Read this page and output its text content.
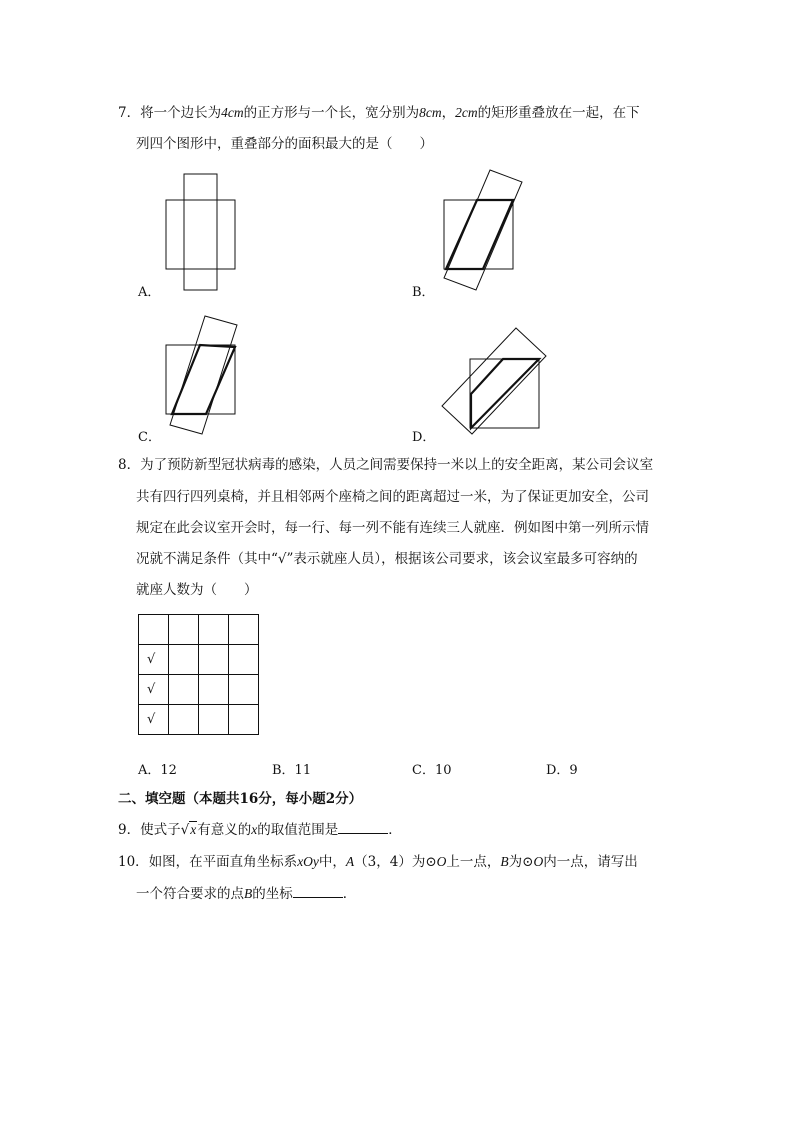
7．将一个边长为4cm的正方形与一个长，宽分别为8cm，2cm的矩形重叠放在一起，在下
列四个图形中，重叠部分的面积最大的是（　　）
A．	B．
C．	D．
8．为了预防新型冠状病毒的感染，人员之间需要保持一米以上的安全距离，某公司会议室
共有四行四列桌椅，并且相邻两个座椅之间的距离超过一米，为了保证更加安全，公司
规定在此会议室开会时，每一行、每一列不能有连续三人就座．例如图中第一列所示情
况就不满足条件（其中“√”表示就座人员），根据该公司要求，该会议室最多可容纳的
就座人数为（　　）

√			
√			
√			
A．12	B．11	C．10	D．9
二、填空题（本题共16分，每小题2分）
9．使式子√x有意义的x的取值范围是	．
10．如图，在平面直角坐标系xOy中，A（3，4）为⊙O上一点，B为⊙O内一点，请写出
一个符合要求的点B的坐标	．
